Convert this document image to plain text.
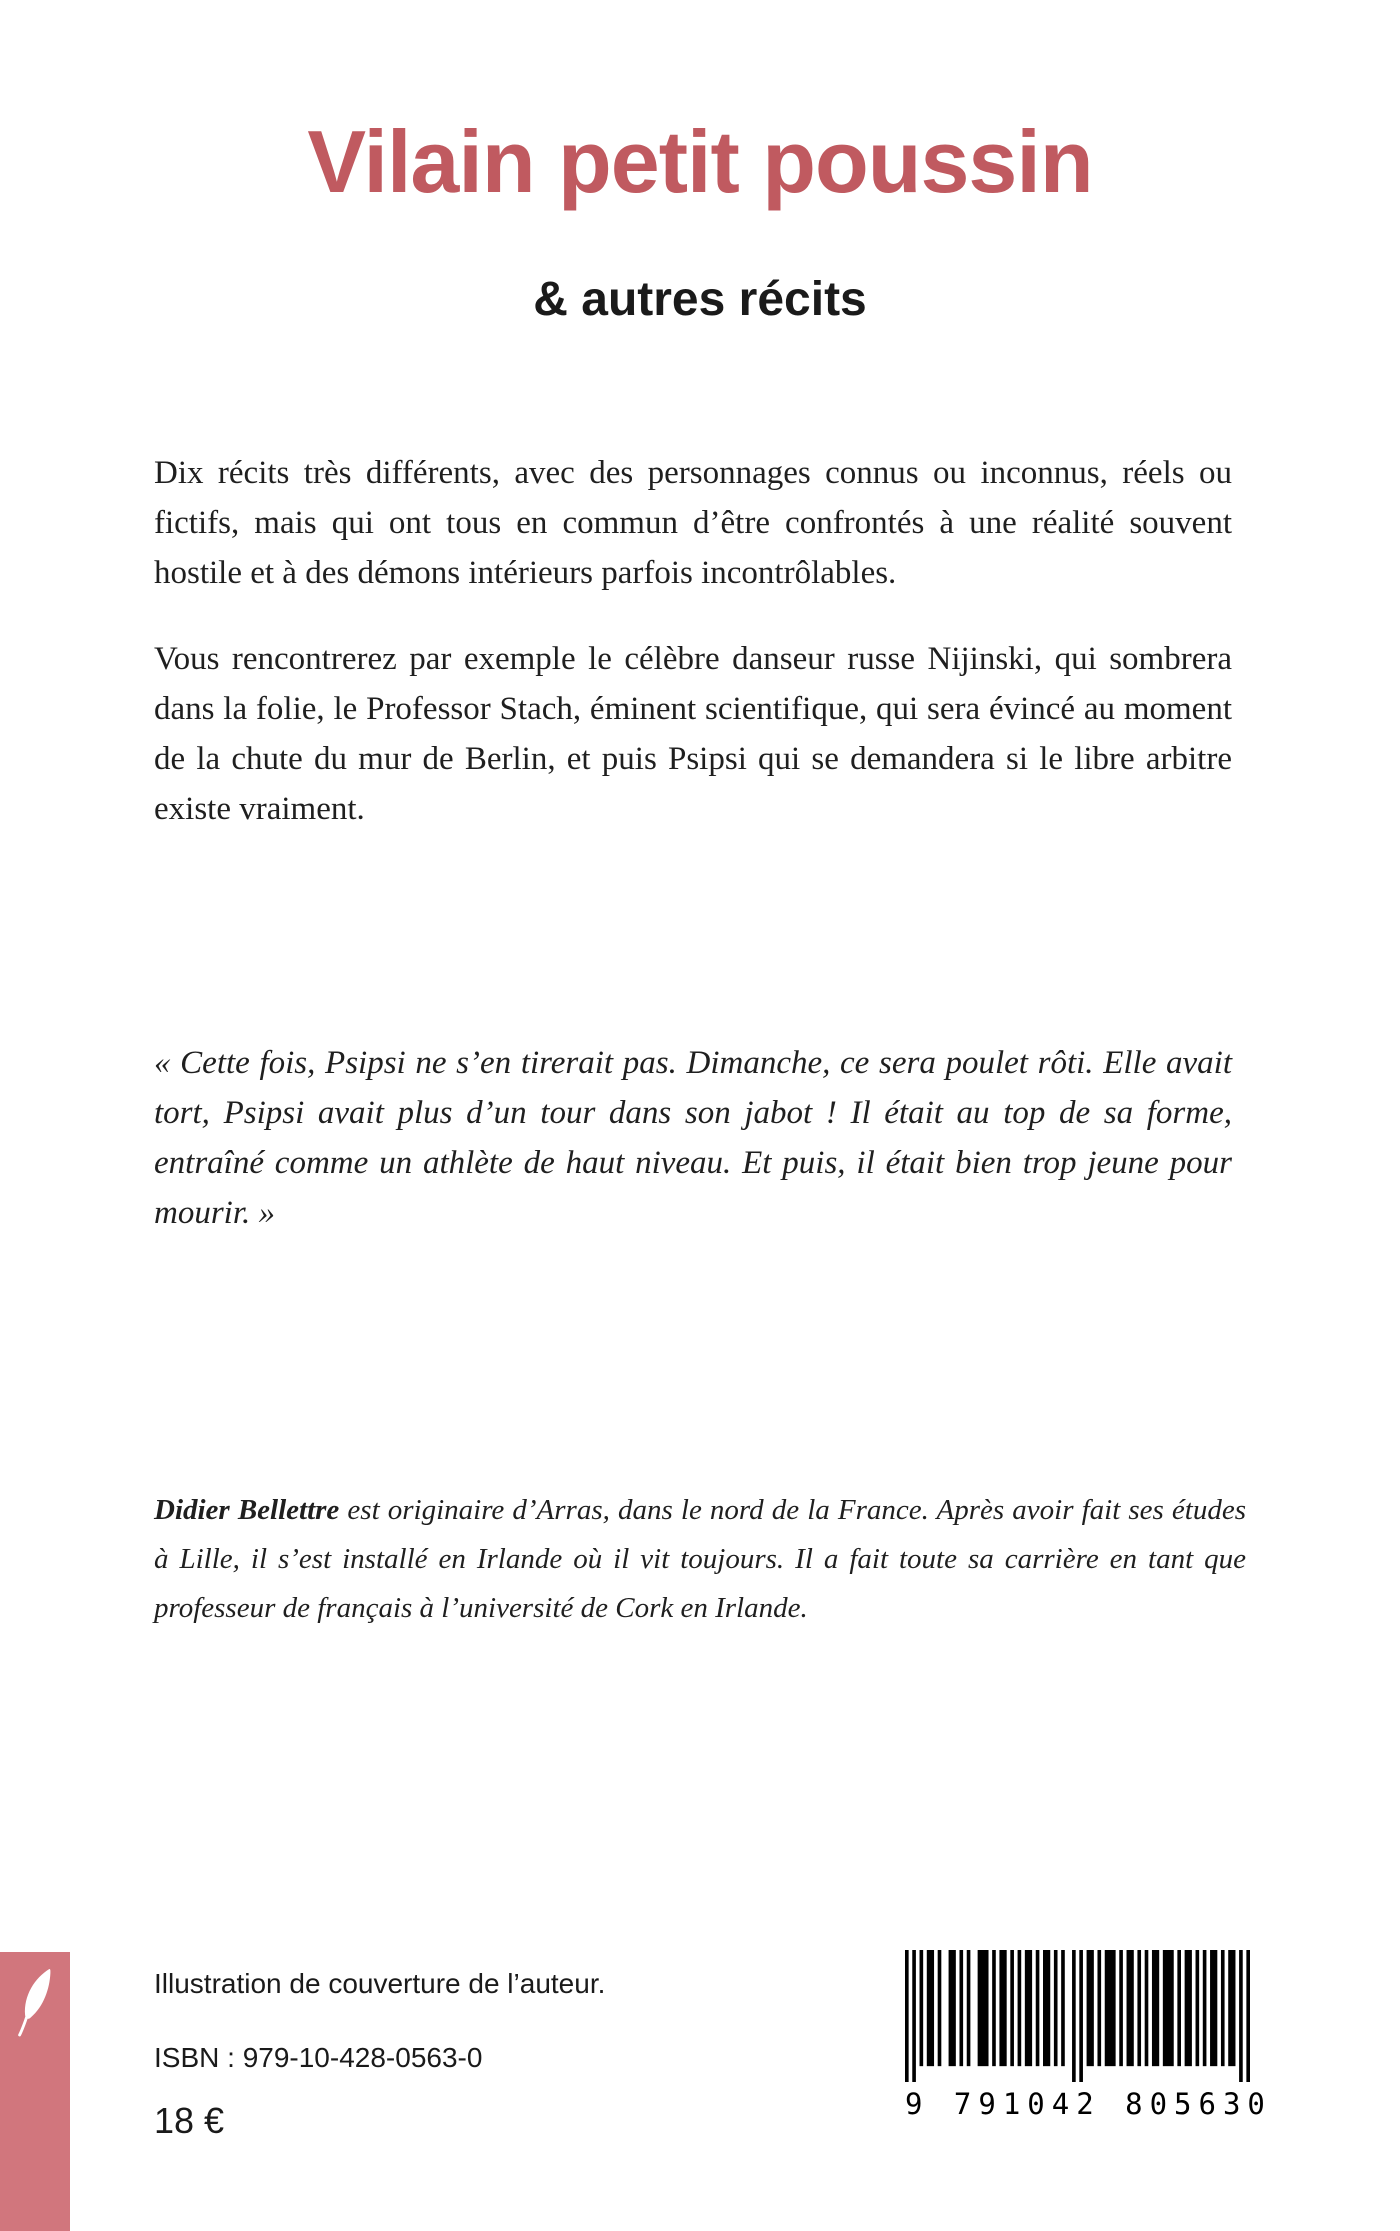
Vilain petit poussin
& autres récits

Dix récits très différents, avec des personnages connus ou inconnus, réels ou fictifs, mais qui ont tous en commun d’être confrontés à une réalité souvent hostile et à des démons intérieurs parfois incontrôlables.

Vous rencontrerez par exemple le célèbre danseur russe Nijinski, qui sombrera dans la folie, le Professor Stach, éminent scientifique, qui sera évincé au moment de la chute du mur de Berlin, et puis Psipsi qui se demandera si le libre arbitre existe vraiment.

« Cette fois, Psipsi ne s’en tirerait pas. Dimanche, ce sera poulet rôti. Elle avait tort, Psipsi avait plus d’un tour dans son jabot ! Il était au top de sa forme, entraîné comme un athlète de haut niveau. Et puis, il était bien trop jeune pour mourir. »
Didier Bellettre est originaire d’Arras, dans le nord de la France. Après avoir fait ses études à Lille, il s’est installé en Irlande où il vit toujours. Il a fait toute sa carrière en tant que professeur de français à l’université de Cork en Irlande.
Illustration de couverture de l’auteur.
ISBN : 979-10-428-0563-0
18 €	9 791042 805630
